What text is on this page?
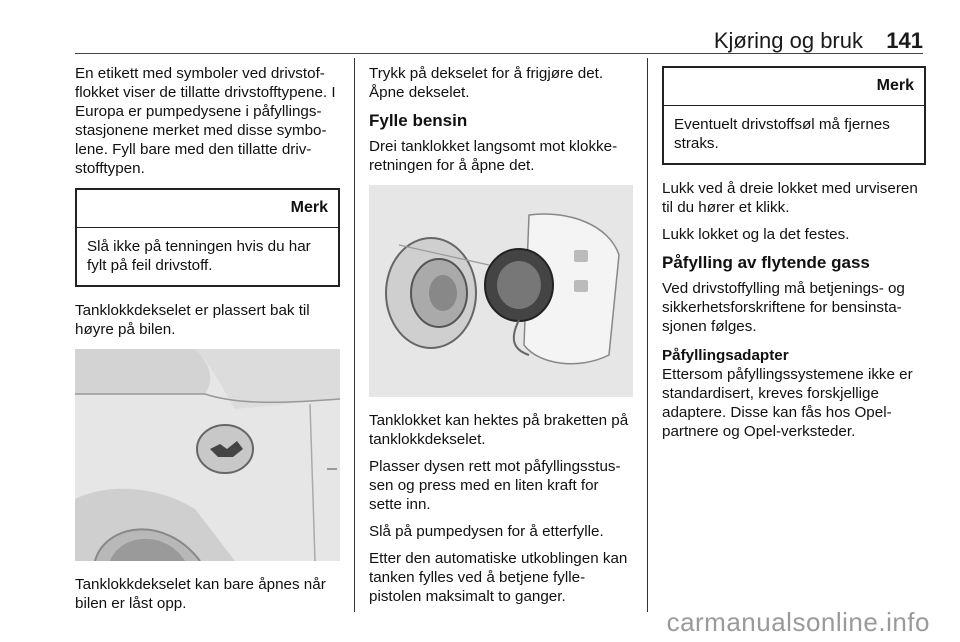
Kjøring og bruk 141

En etikett med symboler ved drivstof-flokket viser de tillatte drivstofftypene. I Europa er pumpedysene i påfyllings-stasjonene merket med disse symbo-lene. Fyll bare med den tillatte driv-stofftypen.

Merk
Slå ikke på tenningen hvis du har fylt på feil drivstoff.

Tanklokkdekselet er plassert bak til høyre på bilen.

Tanklokkdekselet kan bare åpnes når bilen er låst opp.

Trykk på dekselet for å frigjøre det. Åpne dekselet.

Fylle bensin

Drei tanklokket langsomt mot klokke-retningen for å åpne det.

Tanklokket kan hektes på braketten på tanklokkdekselet.

Plasser dysen rett mot påfyllingsstus-sen og press med en liten kraft for sette inn.

Slå på pumpedysen for å etterfylle.

Etter den automatiske utkoblingen kan tanken fylles ved å betjene fylle-pistolen maksimalt to ganger.

Merk
Eventuelt drivstoffsøl må fjernes straks.

Lukk ved å dreie lokket med urviseren til du hører et klikk.

Lukk lokket og la det festes.

Påfylling av flytende gass

Ved drivstoffylling må betjenings- og sikkerhetsforskriftene for bensinsta-sjonen følges.

Påfyllingsadapter

Ettersom påfyllingssystemene ikke er standardisert, kreves forskjellige adaptere. Disse kan fås hos Opel-partnere og Opel-verksteder.

carmanualsonline.info
